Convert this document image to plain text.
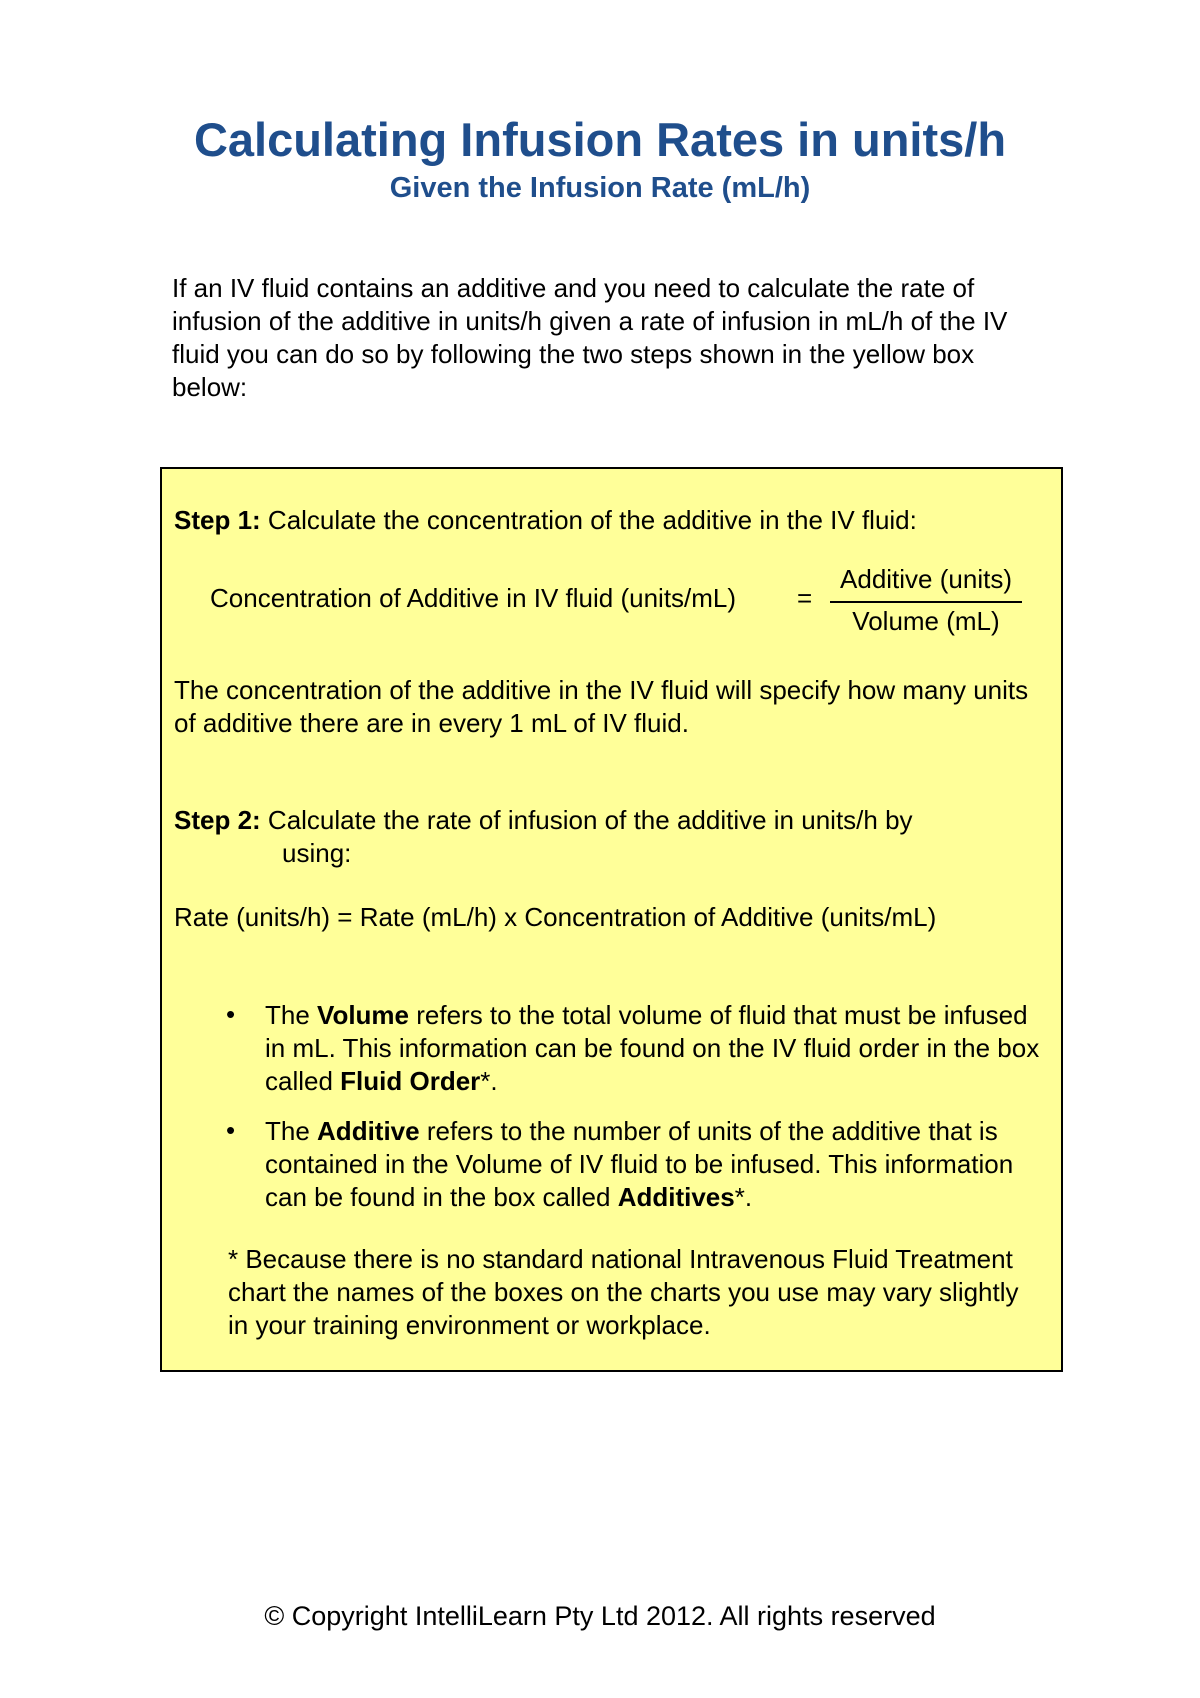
Calculating Infusion Rates in units/h
Given the Infusion Rate (mL/h)

If an IV fluid contains an additive and you need to calculate the rate of infusion of the additive in units/h given a rate of infusion in mL/h of the IV fluid you can do so by following the two steps shown in the yellow box below:

Step 1: Calculate the concentration of the additive in the IV fluid:

Concentration of Additive in IV fluid (units/mL) =

Additive (units)
Volume (mL)

The concentration of the additive in the IV fluid will specify how many units of additive there are in every 1 mL of IV fluid.

Step 2: Calculate the rate of infusion of the additive in units/h by

using:

Rate (units/h) = Rate (mL/h) x Concentration of Additive (units/mL)

• The Volume refers to the total volume of fluid that must be infused in mL. This information can be found on the IV fluid order in the box called Fluid Order*.
• The Additive refers to the number of units of the additive that is contained in the Volume of IV fluid to be infused. This information can be found in the box called Additives*.

* Because there is no standard national Intravenous Fluid Treatment chart the names of the boxes on the charts you use may vary slightly in your training environment or workplace.

© Copyright IntelliLearn Pty Ltd 2012. All rights reserved
